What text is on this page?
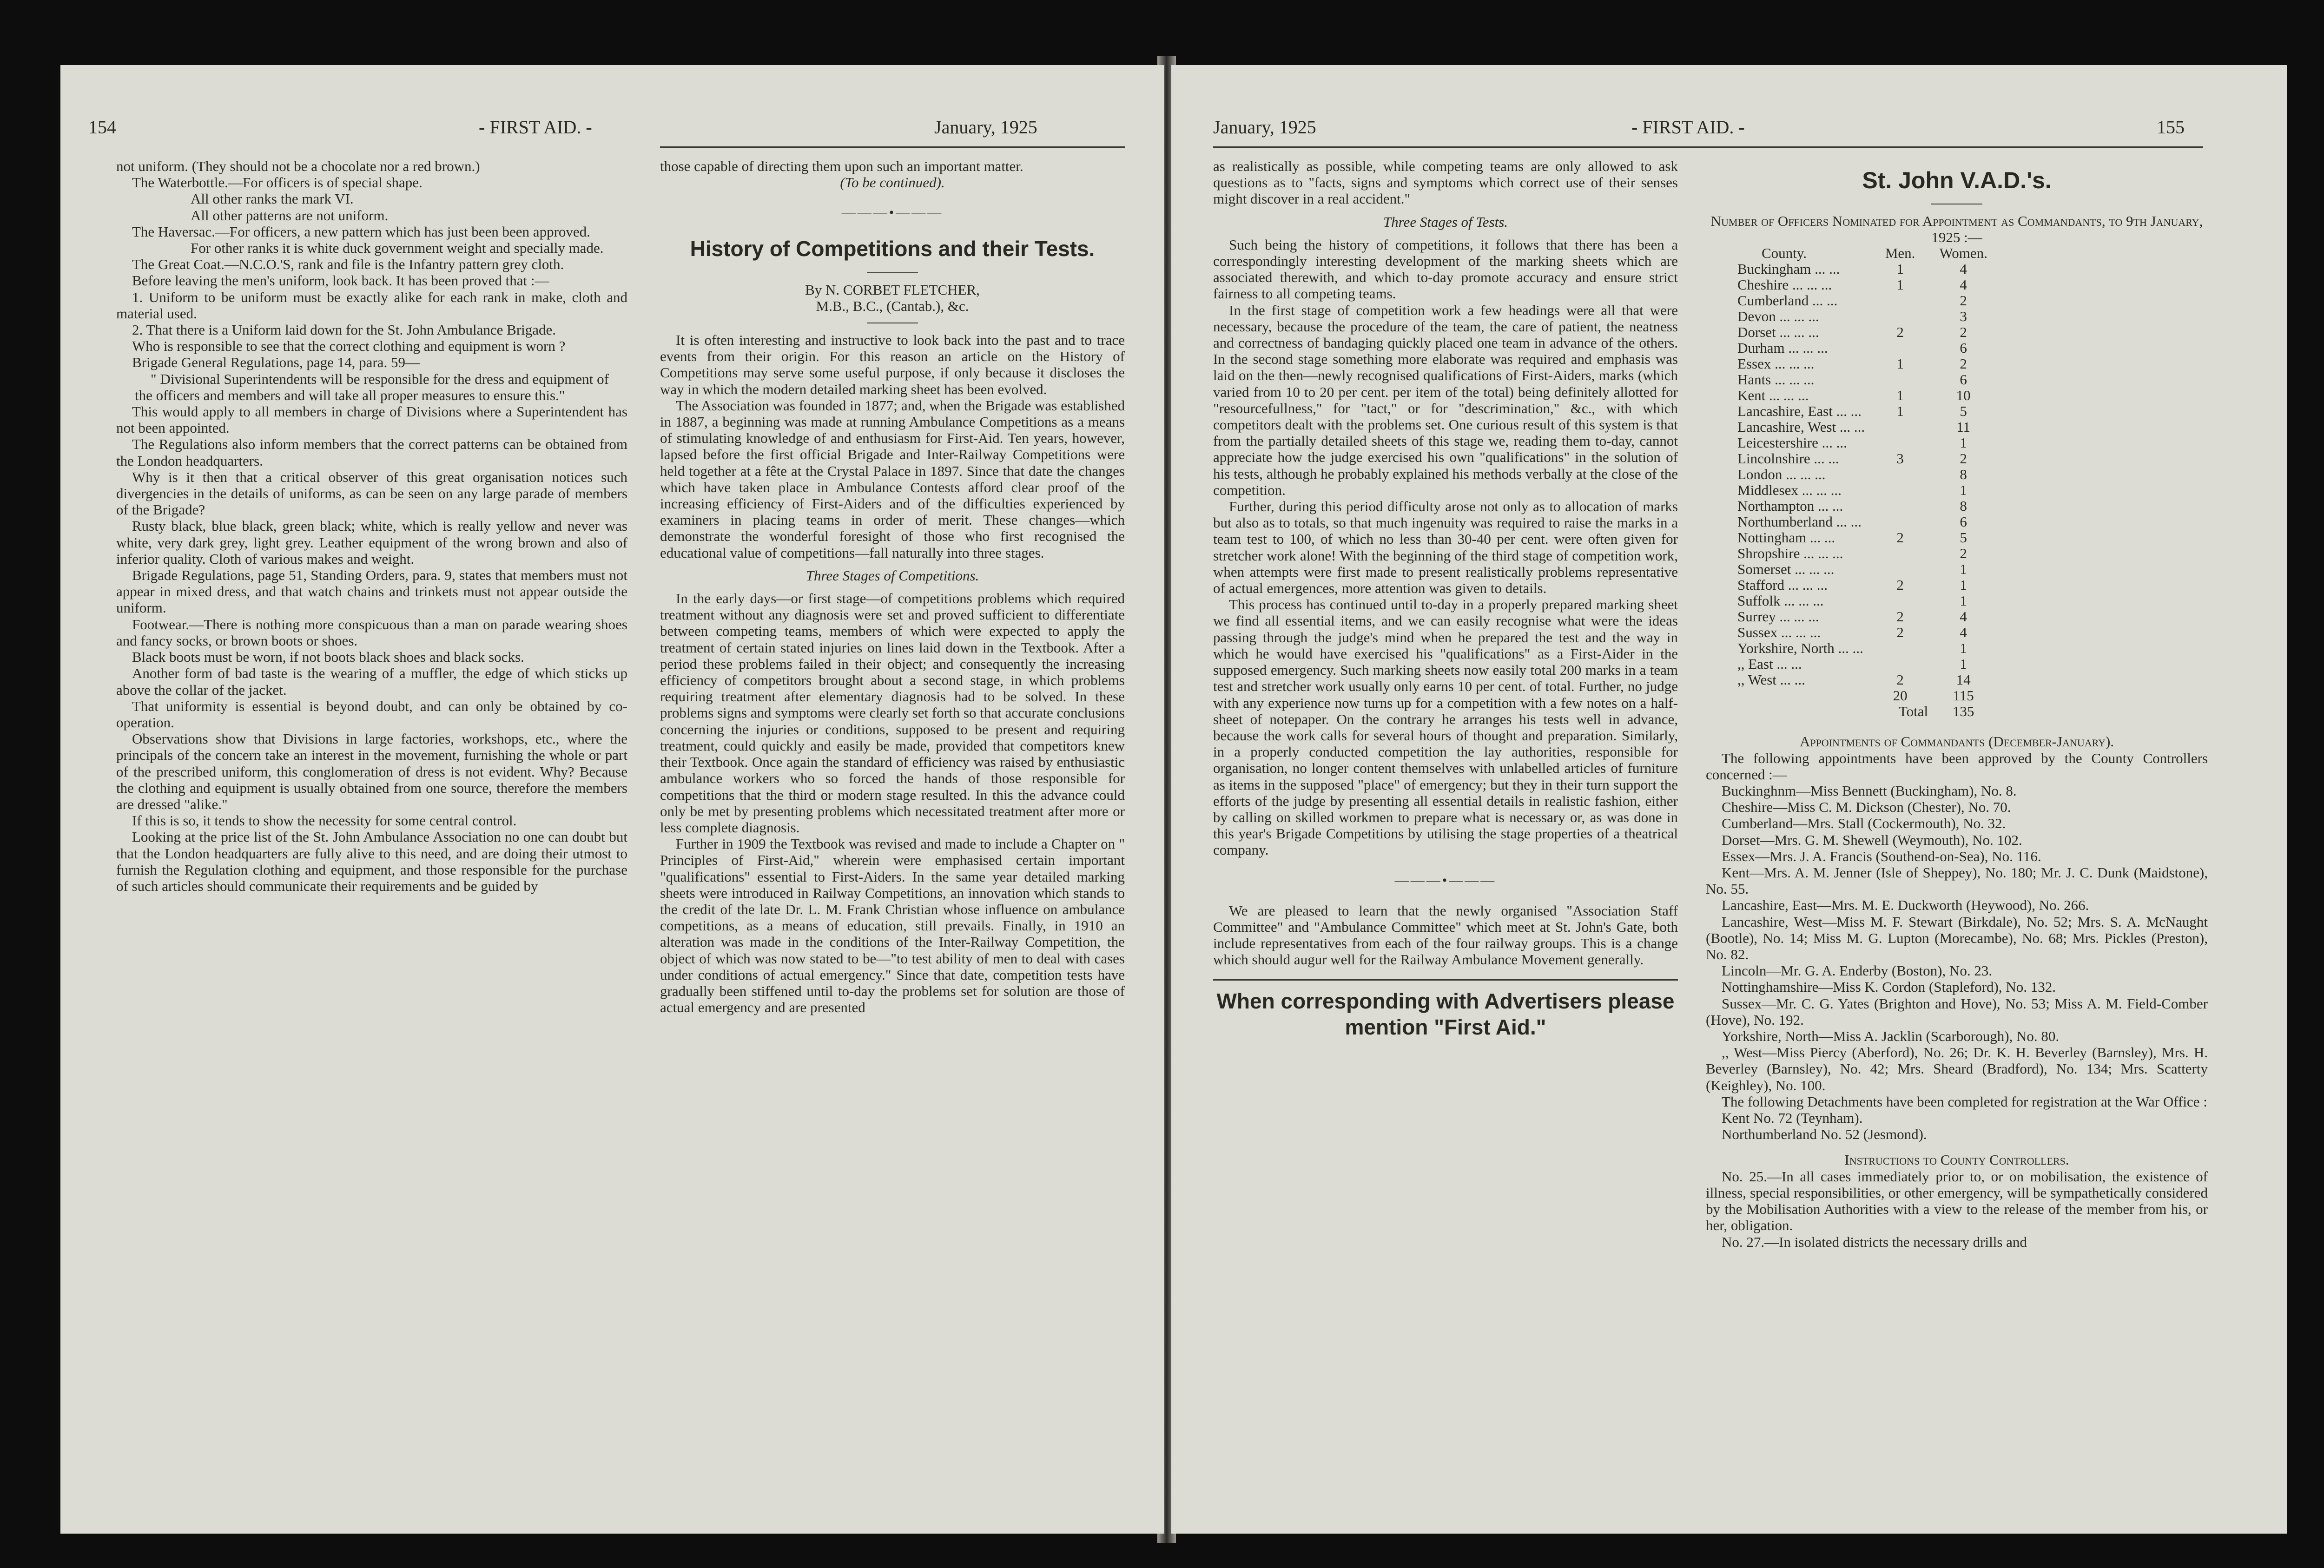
154	- FIRST AID. -	January, 1925

not uniform. (They should not be a chocolate nor a red brown.)

The Waterbottle.—For officers is of special shape.

All other ranks the mark VI.

All other patterns are not uniform.

The Haversac.—For officers, a new pattern which has just been been approved.

For other ranks it is white duck government weight and specially made.

The Great Coat.—N.C.O.'S, rank and file is the Infantry pattern grey cloth.

Before leaving the men's uniform, look back. It has been proved that :—

1. Uniform to be uniform must be exactly alike for each rank in make, cloth and material used.

2. That there is a Uniform laid down for the St. John Ambulance Brigade.

Who is responsible to see that the correct clothing and equipment is worn ?

Brigade General Regulations, page 14, para. 59—

" Divisional Superintendents will be responsible for the dress and equipment of the officers and members and will take all proper measures to ensure this."

This would apply to all members in charge of Divisions where a Superintendent has not been appointed.

The Regulations also inform members that the correct patterns can be obtained from the London headquarters.

Why is it then that a critical observer of this great organisation notices such divergencies in the details of uniforms, as can be seen on any large parade of members of the Brigade?

Rusty black, blue black, green black; white, which is really yellow and never was white, very dark grey, light grey. Leather equipment of the wrong brown and also of inferior quality. Cloth of various makes and weight.

Brigade Regulations, page 51, Standing Orders, para. 9, states that members must not appear in mixed dress, and that watch chains and trinkets must not appear outside the uniform.

Footwear.—There is nothing more conspicuous than a man on parade wearing shoes and fancy socks, or brown boots or shoes.

Black boots must be worn, if not boots black shoes and black socks.

Another form of bad taste is the wearing of a muffler, the edge of which sticks up above the collar of the jacket.

That uniformity is essential is beyond doubt, and can only be obtained by co-operation.

Observations show that Divisions in large factories, workshops, etc., where the principals of the concern take an interest in the movement, furnishing the whole or part of the prescribed uniform, this conglomeration of dress is not evident. Why? Because the clothing and equipment is usually obtained from one source, therefore the members are dressed "alike."

If this is so, it tends to show the necessity for some central control.

Looking at the price list of the St. John Ambulance Association no one can doubt but that the London headquarters are fully alive to this need, and are doing their utmost to furnish the Regulation clothing and equipment, and those responsible for the purchase of such articles should communicate their requirements and be guided by

those capable of directing them upon such an important matter.

(To be continued).

———•———
History of Competitions and their Tests.

By N. CORBET FLETCHER,

M.B., B.C., (Cantab.), &c.

It is often interesting and instructive to look back into the past and to trace events from their origin. For this reason an article on the History of Competitions may serve some useful purpose, if only because it discloses the way in which the modern detailed marking sheet has been evolved.

The Association was founded in 1877; and, when the Brigade was established in 1887, a beginning was made at running Ambulance Competitions as a means of stimulating knowledge of and enthusiasm for First-Aid. Ten years, however, lapsed before the first official Brigade and Inter-Railway Competitions were held together at a fête at the Crystal Palace in 1897. Since that date the changes which have taken place in Ambulance Contests afford clear proof of the increasing efficiency of First-Aiders and of the difficulties experienced by examiners in placing teams in order of merit. These changes—which demonstrate the wonderful foresight of those who first recognised the educational value of competitions—fall naturally into three stages.

Three Stages of Competitions.

In the early days—or first stage—of competitions problems which required treatment without any diagnosis were set and proved sufficient to differentiate between competing teams, members of which were expected to apply the treatment of certain stated injuries on lines laid down in the Textbook. After a period these problems failed in their object; and consequently the increasing efficiency of competitors brought about a second stage, in which problems requiring treatment after elementary diagnosis had to be solved. In these problems signs and symptoms were clearly set forth so that accurate conclusions concerning the injuries or conditions, supposed to be present and requiring treatment, could quickly and easily be made, provided that competitors knew their Textbook. Once again the standard of efficiency was raised by enthusiastic ambulance workers who so forced the hands of those responsible for competitions that the third or modern stage resulted. In this the advance could only be met by presenting problems which necessitated treatment after more or less complete diagnosis.

Further in 1909 the Textbook was revised and made to include a Chapter on " Principles of First-Aid," wherein were emphasised certain important "qualifications" essential to First-Aiders. In the same year detailed marking sheets were introduced in Railway Competitions, an innovation which stands to the credit of the late Dr. L. M. Frank Christian whose influence on ambulance competitions, as a means of education, still prevails. Finally, in 1910 an alteration was made in the conditions of the Inter-Railway Competition, the object of which was now stated to be—"to test ability of men to deal with cases under conditions of actual emergency." Since that date, competition tests have gradually been stiffened until to-day the problems set for solution are those of actual emergency and are presented

January, 1925	- FIRST AID. -	155

as realistically as possible, while competing teams are only allowed to ask questions as to "facts, signs and symptoms which correct use of their senses might discover in a real accident."

Three Stages of Tests.

Such being the history of competitions, it follows that there has been a correspondingly interesting development of the marking sheets which are associated therewith, and which to-day promote accuracy and ensure strict fairness to all competing teams.

In the first stage of competition work a few headings were all that were necessary, because the procedure of the team, the care of patient, the neatness and correctness of bandaging quickly placed one team in advance of the others. In the second stage something more elaborate was required and emphasis was laid on the then—newly recognised qualifications of First-Aiders, marks (which varied from 10 to 20 per cent. per item of the total) being definitely allotted for "resourcefullness," for "tact," or for "descrimination," &c., with which competitors dealt with the problems set. One curious result of this system is that from the partially detailed sheets of this stage we, reading them to-day, cannot appreciate how the judge exercised his own "qualifications" in the solution of his tests, although he probably explained his methods verbally at the close of the competition.

Further, during this period difficulty arose not only as to allocation of marks but also as to totals, so that much ingenuity was required to raise the marks in a team test to 100, of which no less than 30-40 per cent. were often given for stretcher work alone! With the beginning of the third stage of competition work, when attempts were first made to present realistically problems representative of actual emergences, more attention was given to details.

This process has continued until to-day in a properly prepared marking sheet we find all essential items, and we can easily recognise what were the ideas passing through the judge's mind when he prepared the test and the way in which he would have exercised his "qualifications" as a First-Aider in the supposed emergency. Such marking sheets now easily total 200 marks in a team test and stretcher work usually only earns 10 per cent. of total. Further, no judge with any experience now turns up for a competition with a few notes on a half-sheet of notepaper. On the contrary he arranges his tests well in advance, because the work calls for several hours of thought and preparation. Similarly, in a properly conducted competition the lay authorities, responsible for organisation, no longer content themselves with unlabelled articles of furniture as items in the supposed "place" of emergency; but they in their turn support the efforts of the judge by presenting all essential details in realistic fashion, either by calling on skilled workmen to prepare what is necessary or, as was done in this year's Brigade Competitions by utilising the stage properties of a theatrical company.

———•———

We are pleased to learn that the newly organised "Association Staff Committee" and "Ambulance Committee" which meet at St. John's Gate, both include representatives from each of the four railway groups. This is a change which should augur well for the Railway Ambulance Movement generally.

When corresponding with Advertisers please mention "First Aid."
St. John V.A.D.'s.

Number of Officers Nominated for Appointment as Commandants, to 9th January, 1925 :—

County.	Men.	Women.
Buckingham ... ...	1	4
Cheshire ... ... ...	1	4
Cumberland ... ...		2
Devon ... ... ...		3
Dorset ... ... ...	2	2
Durham ... ... ...		6
Essex ... ... ...	1	2
Hants ... ... ...		6
Kent ... ... ...	1	10
Lancashire, East ... ...	1	5
Lancashire, West ... ...		11
Leicestershire ... ...		1
Lincolnshire ... ...	3	2
London ... ... ...		8
Middlesex ... ... ...		1
Northampton ... ...		8
Northumberland ... ...		6
Nottingham ... ...	2	5
Shropshire ... ... ...		2
Somerset ... ... ...		1
Stafford ... ... ...	2	1
Suffolk ... ... ...		1
Surrey ... ... ...	2	4
Sussex ... ... ...	2	4
Yorkshire, North ... ...		1
,, East ... ...		1
,, West ... ...	2	14
	20	115
Total		135

Appointments of Commandants (December-January).

The following appointments have been approved by the County Controllers concerned :—

Buckinghnm—Miss Bennett (Buckingham), No. 8.

Cheshire—Miss C. M. Dickson (Chester), No. 70.

Cumberland—Mrs. Stall (Cockermouth), No. 32.

Dorset—Mrs. G. M. Shewell (Weymouth), No. 102.

Essex—Mrs. J. A. Francis (Southend-on-Sea), No. 116.

Kent—Mrs. A. M. Jenner (Isle of Sheppey), No. 180; Mr. J. C. Dunk (Maidstone), No. 55.

Lancashire, East—Mrs. M. E. Duckworth (Heywood), No. 266.

Lancashire, West—Miss M. F. Stewart (Birkdale), No. 52; Mrs. S. A. McNaught (Bootle), No. 14; Miss M. G. Lupton (Morecambe), No. 68; Mrs. Pickles (Preston), No. 82.

Lincoln—Mr. G. A. Enderby (Boston), No. 23.

Nottinghamshire—Miss K. Cordon (Stapleford), No. 132.

Sussex—Mr. C. G. Yates (Brighton and Hove), No. 53; Miss A. M. Field-Comber (Hove), No. 192.

Yorkshire, North—Miss A. Jacklin (Scarborough), No. 80.

,, West—Miss Piercy (Aberford), No. 26; Dr. K. H. Beverley (Barnsley), Mrs. H. Beverley (Barnsley), No. 42; Mrs. Sheard (Bradford), No. 134; Mrs. Scatterty (Keighley), No. 100.

The following Detachments have been completed for registration at the War Office :

Kent No. 72 (Teynham).

Northumberland No. 52 (Jesmond).

Instructions to County Controllers.

No. 25.—In all cases immediately prior to, or on mobilisation, the existence of illness, special responsibilities, or other emergency, will be sympathetically considered by the Mobilisation Authorities with a view to the release of the member from his, or her, obligation.

No. 27.—In isolated districts the necessary drills and
